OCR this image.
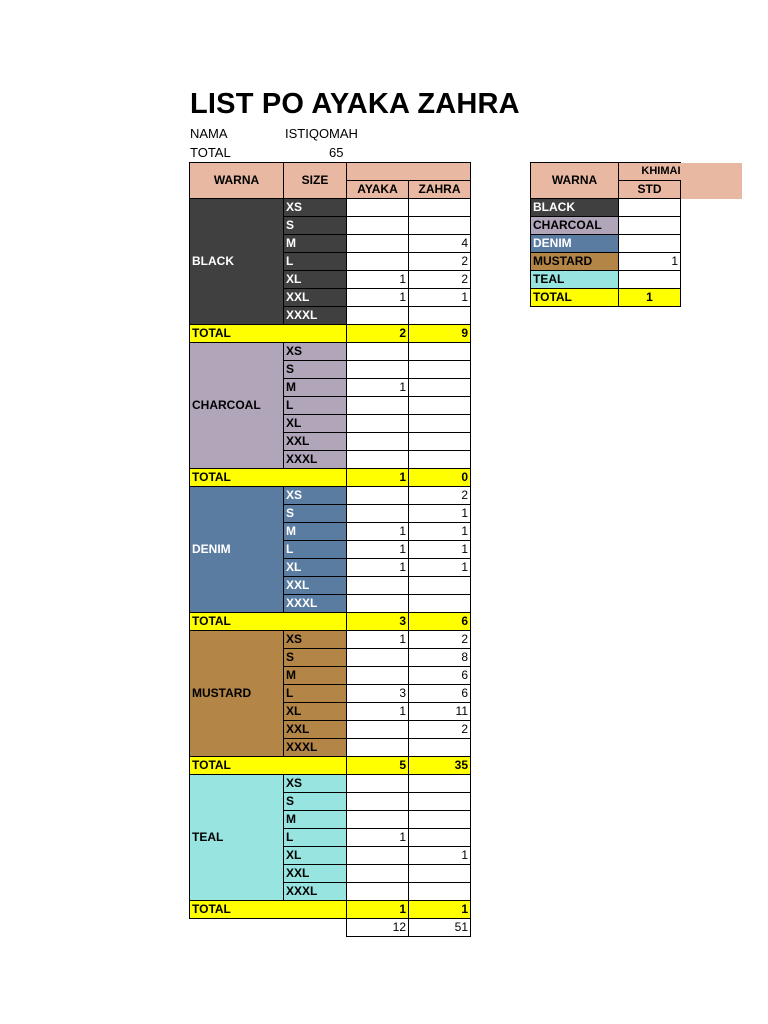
LIST PO AYAKA ZAHRA
NAMA	ISTIQOMAH
TOTAL	65
WARNA	SIZE		
		AYAKA	ZAHRA
BLACK	XS		
	S		
	M		4
	L		2
	XL	1	2
	XXL	1	1
	XXXL		
TOTAL		2	9
CHARCOAL	XS		
	S		
	M	1	
	L		
	XL		
	XXL		
	XXXL		
TOTAL		1	0
DENIM	XS		2
	S		1
	M	1	1
	L	1	1
	XL	1	1
	XXL		
	XXXL		
TOTAL		3	6
MUSTARD	XS	1	2
	S		8
	M		6
	L	3	6
	XL	1	11
	XXL		2
	XXXL		
TOTAL		5	35
TEAL	XS		
	S		
	M		
	L	1	
	XL		1
	XXL		
	XXXL		
TOTAL		1	1
		12	51
WARNA	KHIMAI	
	STD	
BLACK		
CHARCOAL		
DENIM		
MUSTARD	1	
TEAL		
TOTAL	1	
